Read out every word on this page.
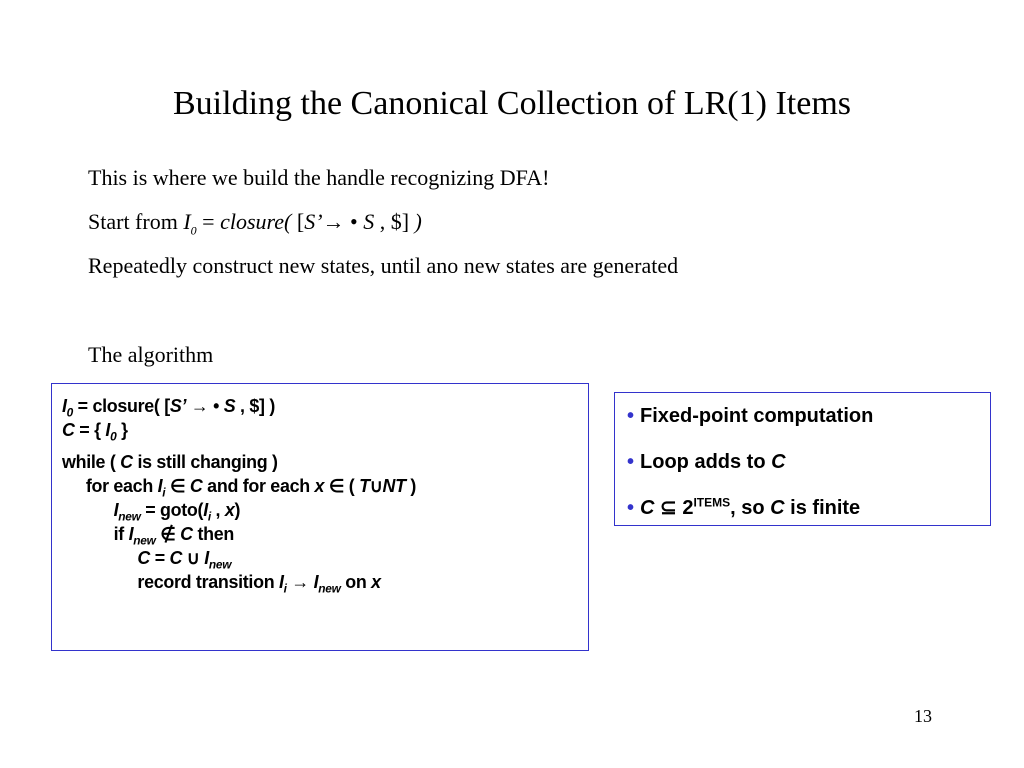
Building the Canonical Collection of LR(1) Items
This is where we build the handle recognizing DFA!
Start from $I_0$ = closure( [S’→ • S , $] )
Repeatedly construct new states, until ano new states are generated
The algorithm
$I_0$ = closure( [S’ → • S , $] )
C = { $I_0$ }
while ( C is still changing )
for each $I_i$ ∈ C and for each x ∈ ( T∪NT )
$I_{new}$ = $goto(I_i$ , x)
if $I_{new}$ ∉ C then
C = C ∪ $I_{new}$
record transition $I_i \to I_{new}$ on x
• Fixed-point computation
• Loop adds to C
• C ⊆ $2^{ITEMS}$, so C is finite
13
